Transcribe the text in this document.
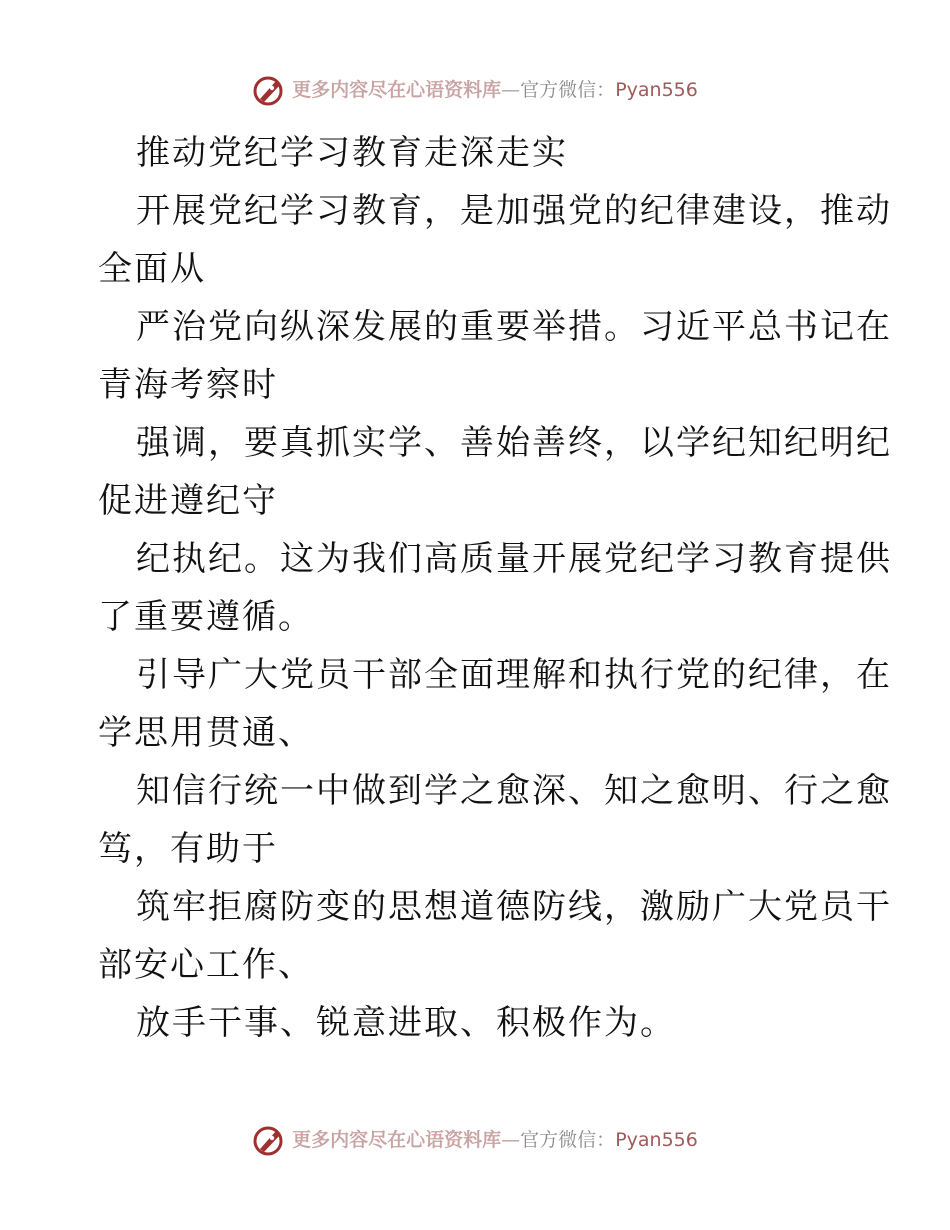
更多内容尽在心语资料库—官方微信：Pyan556
推动党纪学习教育走深走实
开展党纪学习教育，是加强党的纪律建设，推动
全面从
严治党向纵深发展的重要举措。习近平总书记在
青海考察时
强调，要真抓实学、善始善终，以学纪知纪明纪
促进遵纪守
纪执纪。这为我们高质量开展党纪学习教育提供
了重要遵循。
引导广大党员干部全面理解和执行党的纪律，在
学思用贯通、
知信行统一中做到学之愈深、知之愈明、行之愈
笃，有助于
筑牢拒腐防变的思想道德防线，激励广大党员干
部安心工作、
放手干事、锐意进取、积极作为。
更多内容尽在心语资料库—官方微信：Pyan556
